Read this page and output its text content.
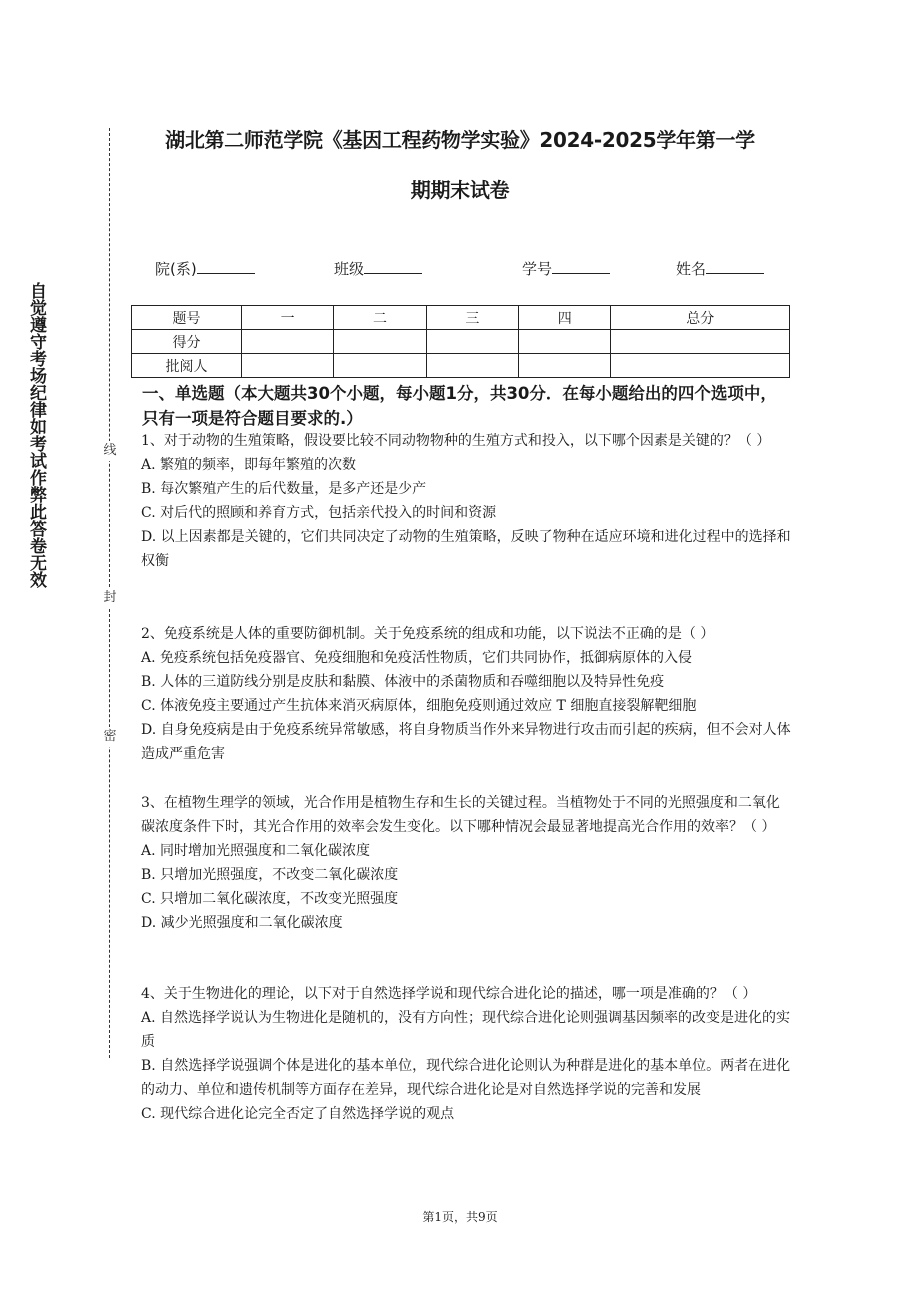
自觉遵守考场纪律如考试作弊此答卷无效	线
封
密
湖北第二师范学院《基因工程药物学实验》2024-2025学年第一学
期期末试卷
院(系)	班级	学号	姓名
题号	一	二	三	四	总分
得分					
批阅人					
一、单选题（本大题共30个小题，每小题1分，共30分．在每小题给出的四个选项中，只有一项是符合题目要求的.）

1、对于动物的生殖策略，假设要比较不同动物物种的生殖方式和投入，以下哪个因素是关键的？（ ）

A. 繁殖的频率，即每年繁殖的次数

B. 每次繁殖产生的后代数量，是多产还是少产

C. 对后代的照顾和养育方式，包括亲代投入的时间和资源

D. 以上因素都是关键的，它们共同决定了动物的生殖策略，反映了物种在适应环境和进化过程中的选择和权衡

2、免疫系统是人体的重要防御机制。关于免疫系统的组成和功能，以下说法不正确的是（ ）

A. 免疫系统包括免疫器官、免疫细胞和免疫活性物质，它们共同协作，抵御病原体的入侵

B. 人体的三道防线分别是皮肤和黏膜、体液中的杀菌物质和吞噬细胞以及特异性免疫

C. 体液免疫主要通过产生抗体来消灭病原体，细胞免疫则通过效应 T 细胞直接裂解靶细胞

D. 自身免疫病是由于免疫系统异常敏感，将自身物质当作外来异物进行攻击而引起的疾病，但不会对人体造成严重危害

3、在植物生理学的领域，光合作用是植物生存和生长的关键过程。当植物处于不同的光照强度和二氧化碳浓度条件下时，其光合作用的效率会发生变化。以下哪种情况会最显著地提高光合作用的效率？（ ）

A. 同时增加光照强度和二氧化碳浓度

B. 只增加光照强度，不改变二氧化碳浓度

C. 只增加二氧化碳浓度，不改变光照强度

D. 减少光照强度和二氧化碳浓度

4、关于生物进化的理论，以下对于自然选择学说和现代综合进化论的描述，哪一项是准确的？（ ）

A. 自然选择学说认为生物进化是随机的，没有方向性；现代综合进化论则强调基因频率的改变是进化的实质

B. 自然选择学说强调个体是进化的基本单位，现代综合进化论则认为种群是进化的基本单位。两者在进化的动力、单位和遗传机制等方面存在差异，现代综合进化论是对自然选择学说的完善和发展

C. 现代综合进化论完全否定了自然选择学说的观点

第1页，共9页
